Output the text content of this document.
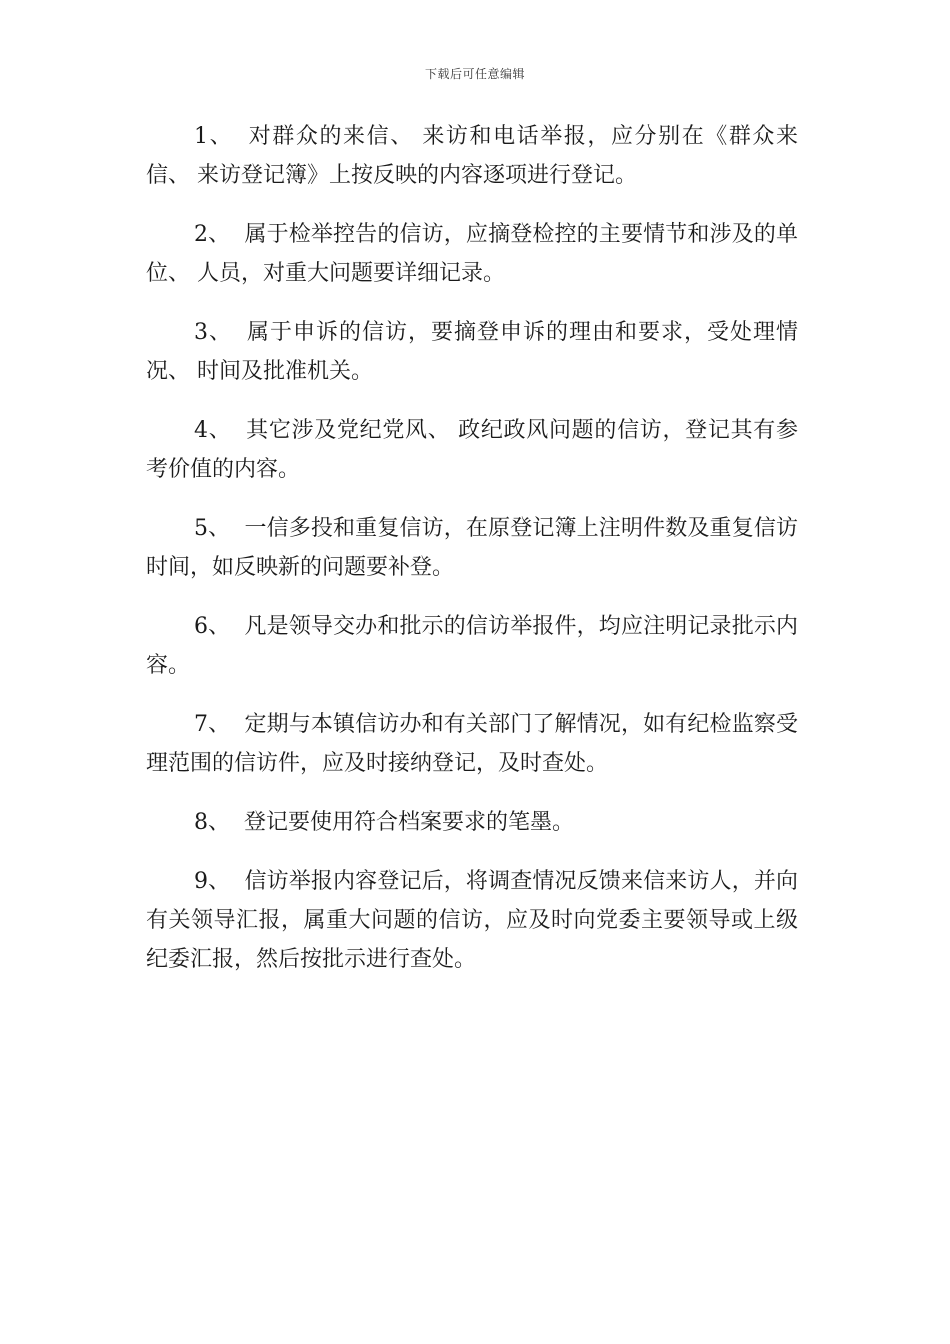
下载后可任意编辑

1、 对群众的来信、 来访和电话举报，应分别在《群众来信、 来访登记簿》上按反映的内容逐项进行登记。

2、 属于检举控告的信访，应摘登检控的主要情节和涉及的单位、 人员，对重大问题要详细记录。

3、 属于申诉的信访，要摘登申诉的理由和要求，受处理情况、 时间及批准机关。

4、 其它涉及党纪党风、 政纪政风问题的信访，登记其有参考价值的内容。

5、 一信多投和重复信访，在原登记簿上注明件数及重复信访时间，如反映新的问题要补登。

6、 凡是领导交办和批示的信访举报件，均应注明记录批示内容。

7、 定期与本镇信访办和有关部门了解情况，如有纪检监察受理范围的信访件，应及时接纳登记，及时查处。

8、 登记要使用符合档案要求的笔墨。

9、 信访举报内容登记后，将调查情况反馈来信来访人，并向有关领导汇报，属重大问题的信访，应及时向党委主要领导或上级纪委汇报，然后按批示进行查处。
